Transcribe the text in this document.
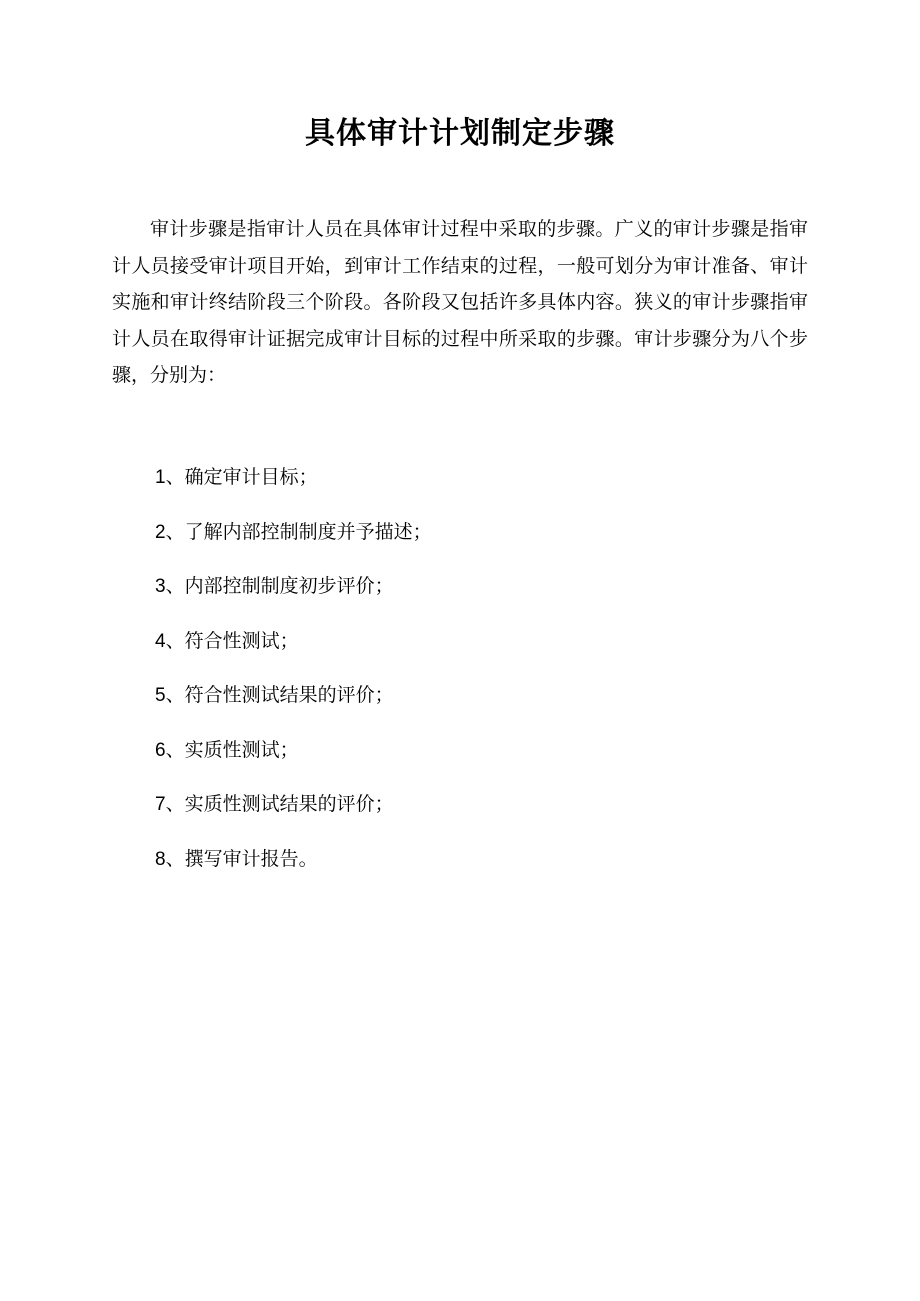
具体审计计划制定步骤

审计步骤是指审计人员在具体审计过程中采取的步骤。广义的审计步骤是指审计人员接受审计项目开始，到审计工作结束的过程，一般可划分为审计准备、审计实施和审计终结阶段三个阶段。各阶段又包括许多具体内容。狭义的审计步骤指审计人员在取得审计证据完成审计目标的过程中所采取的步骤。审计步骤分为八个步骤，分别为：

1、确定审计目标；
2、了解内部控制制度并予描述；
3、内部控制制度初步评价；
4、符合性测试；
5、符合性测试结果的评价；
6、实质性测试；
7、实质性测试结果的评价；
8、撰写审计报告。
